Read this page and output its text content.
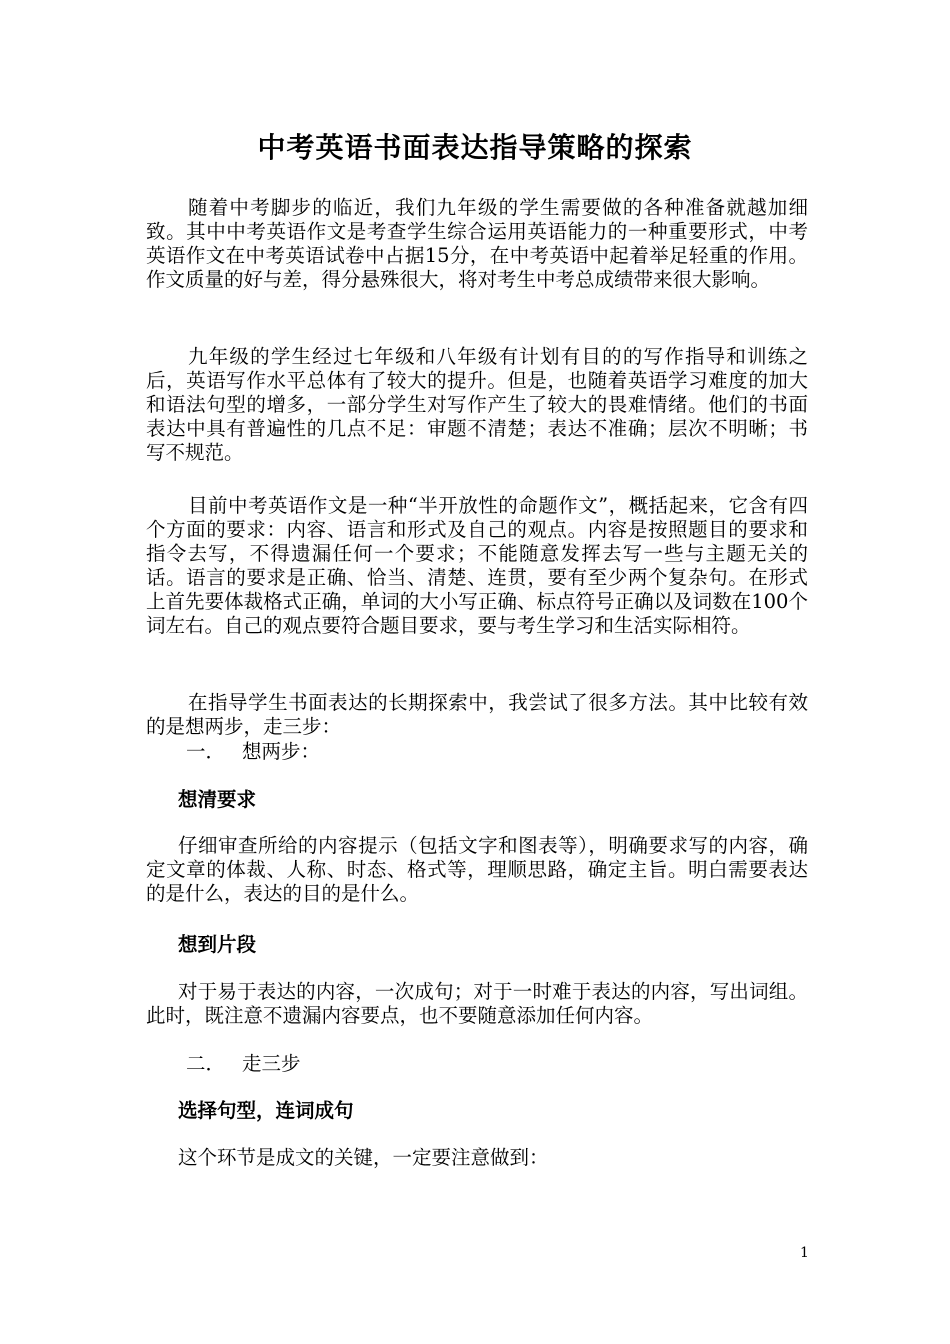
中考英语书面表达指导策略的探索

随着中考脚步的临近，我们九年级的学生需要做的各种准备就越加细致。其中中考英语作文是考查学生综合运用英语能力的一种重要形式，中考英语作文在中考英语试卷中占据15分，在中考英语中起着举足轻重的作用。作文质量的好与差，得分悬殊很大，将对考生中考总成绩带来很大影响。

九年级的学生经过七年级和八年级有计划有目的的写作指导和训练之后，英语写作水平总体有了较大的提升。但是，也随着英语学习难度的加大和语法句型的增多，一部分学生对写作产生了较大的畏难情绪。他们的书面表达中具有普遍性的几点不足：审题不清楚；表达不准确；层次不明晰；书写不规范。

目前中考英语作文是一种“半开放性的命题作文”，概括起来，它含有四个方面的要求：内容、语言和形式及自己的观点。内容是按照题目的要求和指令去写，不得遗漏任何一个要求；不能随意发挥去写一些与主题无关的话。语言的要求是正确、恰当、清楚、连贯，要有至少两个复杂句。在形式上首先要体裁格式正确，单词的大小写正确、标点符号正确以及词数在100个词左右。自己的观点要符合题目要求，要与考生学习和生活实际相符。

在指导学生书面表达的长期探索中，我尝试了很多方法。其中比较有效的是想两步，走三步：

一． 想两步：

想清要求

仔细审查所给的内容提示（包括文字和图表等），明确要求写的内容，确定文章的体裁、人称、时态、格式等，理顺思路，确定主旨。明白需要表达的是什么，表达的目的是什么。

想到片段

对于易于表达的内容，一次成句；对于一时难于表达的内容，写出词组。此时，既注意不遗漏内容要点，也不要随意添加任何内容。

二． 走三步

选择句型，连词成句

这个环节是成文的关键，一定要注意做到：

1
